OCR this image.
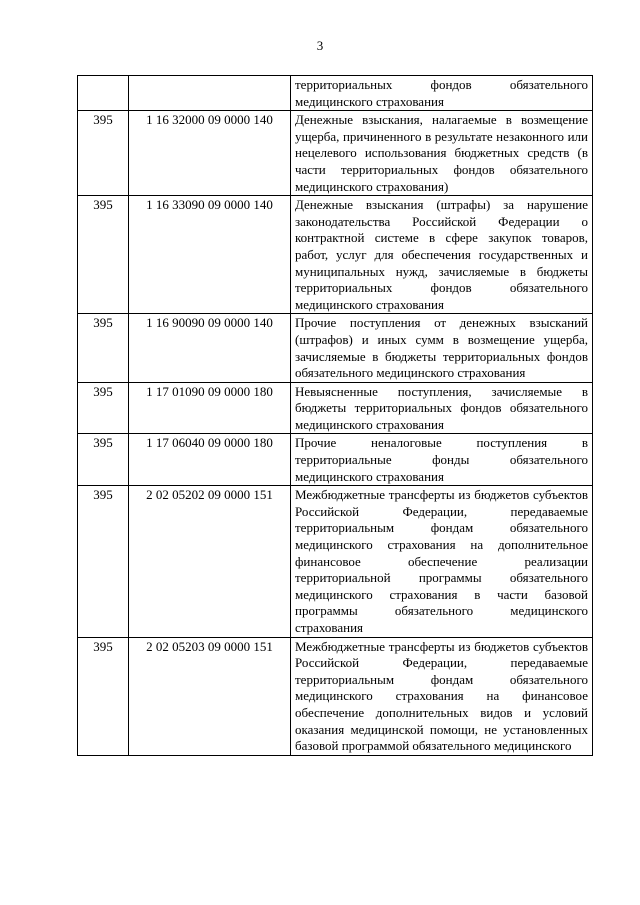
3
		территориальных фондов обязательного медицинского страхования
395	1 16 32000 09 0000 140	Денежные взыскания, налагаемые в возмещение ущерба, причиненного в результате незаконного или нецелевого использования бюджетных средств (в части территориальных фондов обязательного медицинского страхования)
395	1 16 33090 09 0000 140	Денежные взыскания (штрафы) за нарушение законодательства Российской Федерации о контрактной системе в сфере закупок товаров, работ, услуг для обеспечения государственных и муниципальных нужд, зачисляемые в бюджеты территориальных фондов обязательного медицинского страхования
395	1 16 90090 09 0000 140	Прочие поступления от денежных взысканий (штрафов) и иных сумм в возмещение ущерба, зачисляемые в бюджеты территориальных фондов обязательного медицинского страхования
395	1 17 01090 09 0000 180	Невыясненные поступления, зачисляемые в бюджеты территориальных фондов обязательного медицинского страхования
395	1 17 06040 09 0000 180	Прочие неналоговые поступления в территориальные фонды обязательного медицинского страхования
395	2 02 05202 09 0000 151	Межбюджетные трансферты из бюджетов субъектов Российской Федерации, передаваемые территориальным фондам обязательного медицинского страхования на дополнительное финансовое обеспечение реализации территориальной программы обязательного медицинского страхования в части базовой программы обязательного медицинского страхования
395	2 02 05203 09 0000 151	Межбюджетные трансферты из бюджетов субъектов Российской Федерации, передаваемые территориальным фондам обязательного медицинского страхования на финансовое обеспечение дополнительных видов и условий оказания медицинской помощи, не установленных базовой программой обязательного медицинского
